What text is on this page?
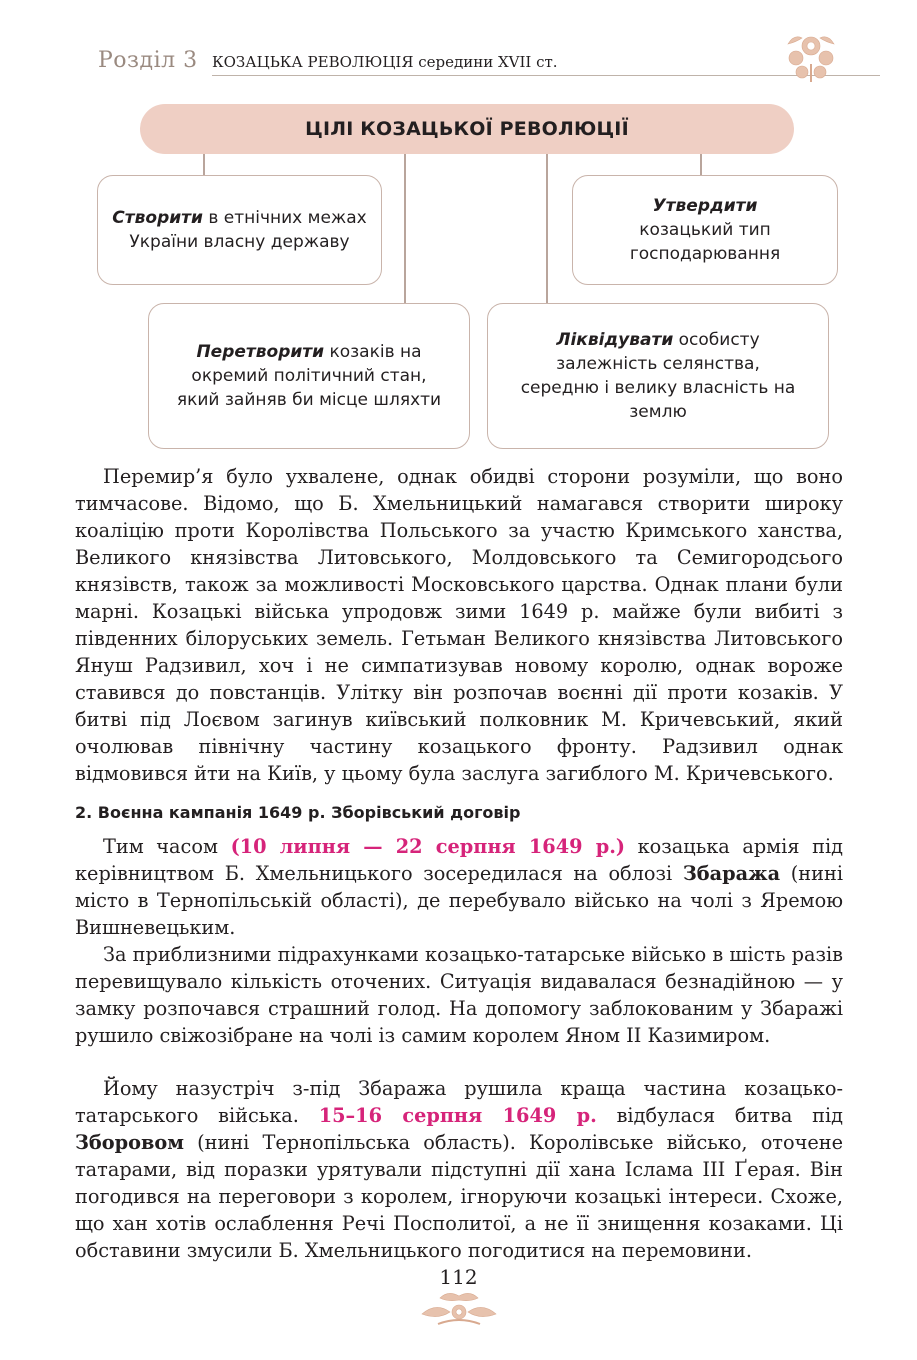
Розділ 3 КОЗАЦЬКА РЕВОЛЮЦІЯ середини XVII ст.
ЦІЛІ КОЗАЦЬКОЇ РЕВОЛЮЦІЇ
Створити в етнічних межах України власну державу
Утвердити козацький тип господарювання
Перетворити козаків на окремий політичний стан, який зайняв би місце шляхти
Ліквідувати особисту залежність селянства, середню і велику власність на землю

Перемир’я було ухвалене, однак обидві сторони розуміли, що воно тимчасове. Відомо, що Б. Хмельницький намагався створити широку коаліцію проти Королівства Польського за участю Кримського ханства, Великого князівства Литовського, Молдовського та Семигородсього князівств, також за можливості Московського царства. Однак плани були марні. Козацькі війська упродовж зими 1649 р. майже були вибиті з південних білоруських земель. Гетьман Великого князівства Литовського Януш Радзивил, хоч і не симпатизував новому королю, однак вороже ставився до повстанців. Улітку він розпочав воєнні дії проти козаків. У битві під Лоєвом загинув київський полковник М. Кричевський, який очолював північну частину козацького фронту. Радзивил однак відмовився йти на Київ, у цьому була заслуга загиблого М. Кричевського.

2. Воєнна кампанія 1649 р. Зборівський договір

Тим часом (10 липня — 22 серпня 1649 р.) козацька армія під керівництвом Б. Хмельницького зосередилася на облозі Збаража (нині місто в Тернопільській області), де перебувало військо на чолі з Яремою Вишневецьким.

За приблизними підрахунками козацько-татарське військо в шість разів перевищувало кількість оточених. Ситуація видавалася безнадійною — у замку розпочався страшний голод. На допомогу заблокованим у Збаражі рушило свіжозібране на чолі із самим королем Яном ІІ Казимиром.

Йому назустріч з-під Збаража рушила краща частина козацько-татарського війська. 15–16 серпня 1649 р. відбулася битва під Зборовом (нині Тернопільська область). Королівське військо, оточене татарами, від поразки урятували підступні дії хана Ісламa ІІІ Ґерая. Він погодився на переговори з королем, ігноруючи козацькі інтереси. Схоже, що хан хотів ослаблення Речі Посполитої, а не її знищення козаками. Ці обставини змусили Б. Хмельницького погодитися на перемовини.

112
